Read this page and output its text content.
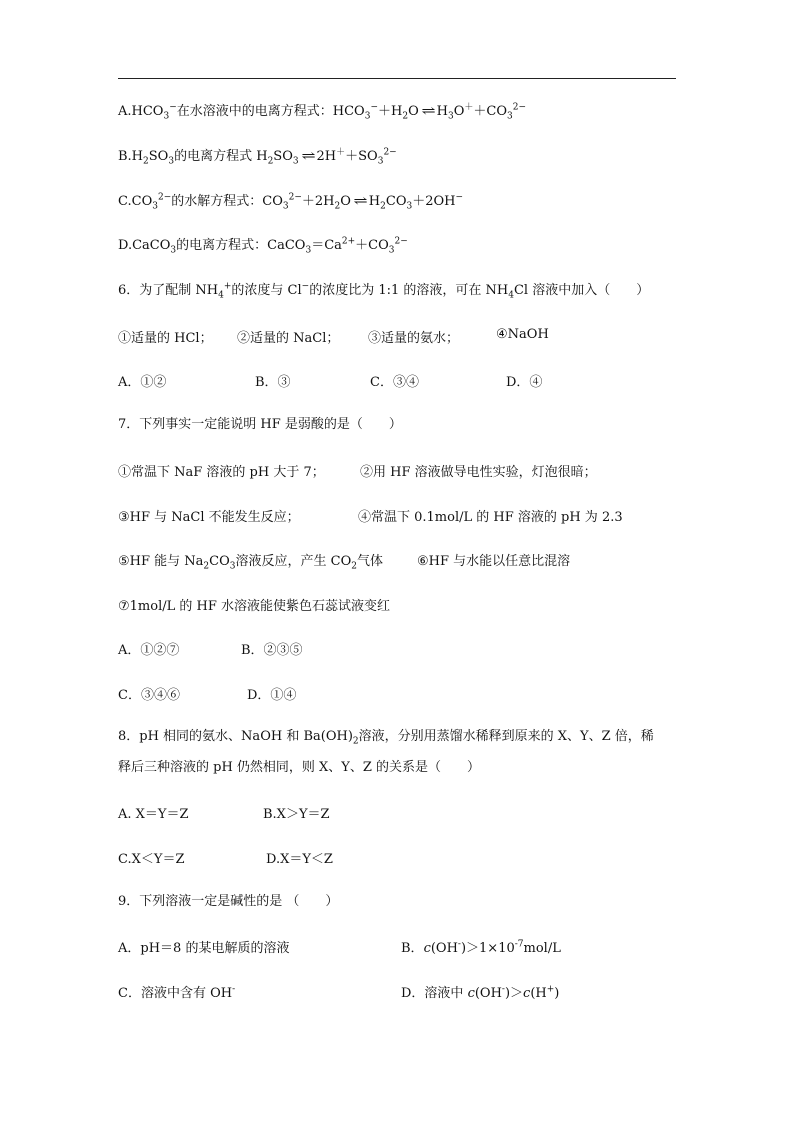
$A.HCO_3^-$在水溶液中的电离方程式：$HCO_3^-+H_2O$ ⇌ $H_3O^++CO_3^{2-}$
$B.H_2SO_3$的电离方程式 $H_2SO_3$ ⇌ $2H^++SO_3^{2-}$
$C.CO_3^{2-}$的水解方程式：$CO_3^{2-}+2H_2O$ ⇌ $H_2CO_3+2OH^-$
D.CaCO$_3$的电离方程式：$CaCO_3=Ca^{2+}+CO_3^{2-}$
6．为了配制 $NH_4^+$的浓度与 Cl−的浓度比为 1:1 的溶液，可在 $NH_4Cl$ 溶液中加入（　　）
①适量的 HCl； ②适量的 NaCl； ③适量的氨水；	④NaOH
A．①②	B．③	C．③④	D．④
7．下列事实一定能说明 HF 是弱酸的是（　　）
①常温下 NaF 溶液的 pH 大于 7；	②用 HF 溶液做导电性实验，灯泡很暗；
③HF 与 NaCl 不能发生反应；	④常温下 0.1mol/L 的 HF 溶液的 pH 为 2.3
⑤HF 能与 $Na_2CO_3$溶液反应，产生 $CO_2$气体	⑥HF 与水能以任意比混溶
⑦1mol/L 的 HF 水溶液能使紫色石蕊试液变红
A．①②⑦	B．②③⑤
C．③④⑥	D．①④
8．pH 相同的氨水、NaOH 和 $Ba(OH)_2$溶液，分别用蒸馏水稀释到原来的 X、Y、Z 倍，稀
释后三种溶液的 pH 仍然相同，则 X、Y、Z 的关系是（　　）
A. X＝Y＝Z	B.X＞Y＝Z
C.X＜Y＝Z	D.X＝Y＜Z
9．下列溶液一定是碱性的是 （　　）
A．pH＝8 的某电解质的溶液	B．$c(OH^-)>1\times 10^{-7}mol/L$
C．溶液中含有 OH-	D．溶液中 c(OH-)＞c(H+)
